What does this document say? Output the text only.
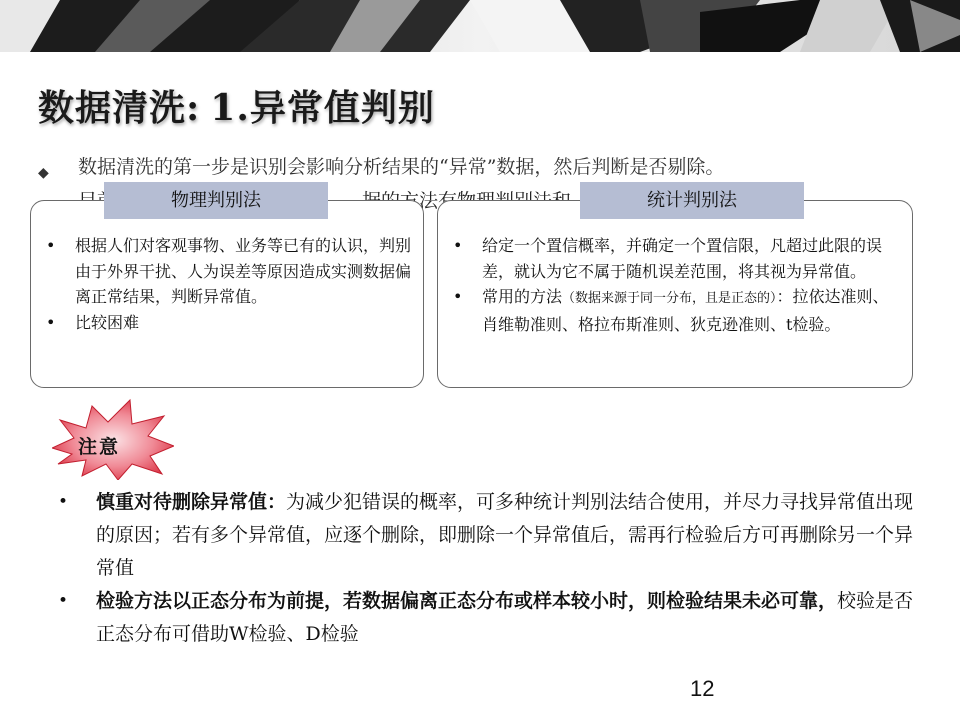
数据清洗: 1.异常值判别
◆ 数据清洗的第一步是识别会影响分析结果的“异常”数据，然后判断是否剔除。
• 根据人们对客观事物、业务等已有的认识，判别由于外界干扰、人为误差等原因造成实测数据偏离正常结果，判断异常值。
• 比较困难
• 给定一个置信概率，并确定一个置信限，凡超过此限的误差，就认为它不属于随机误差范围，将其视为异常值。
• 常用的方法（数据来源于同一分布，且是正态的）：拉依达准则、肖维勒准则、格拉布斯准则、狄克逊准则、t检验。
物理判别法	统计判别法
注意
• 慎重对待删除异常值：为减少犯错误的概率，可多种统计判别法结合使用，并尽力寻找异常值出现的原因；若有多个异常值，应逐个删除，即删除一个异常值后，需再行检验后方可再删除另一个异常值
• 检验方法以正态分布为前提，若数据偏离正态分布或样本较小时，则检验结果未必可靠，校验是否正态分布可借助W检验、D检验
12
